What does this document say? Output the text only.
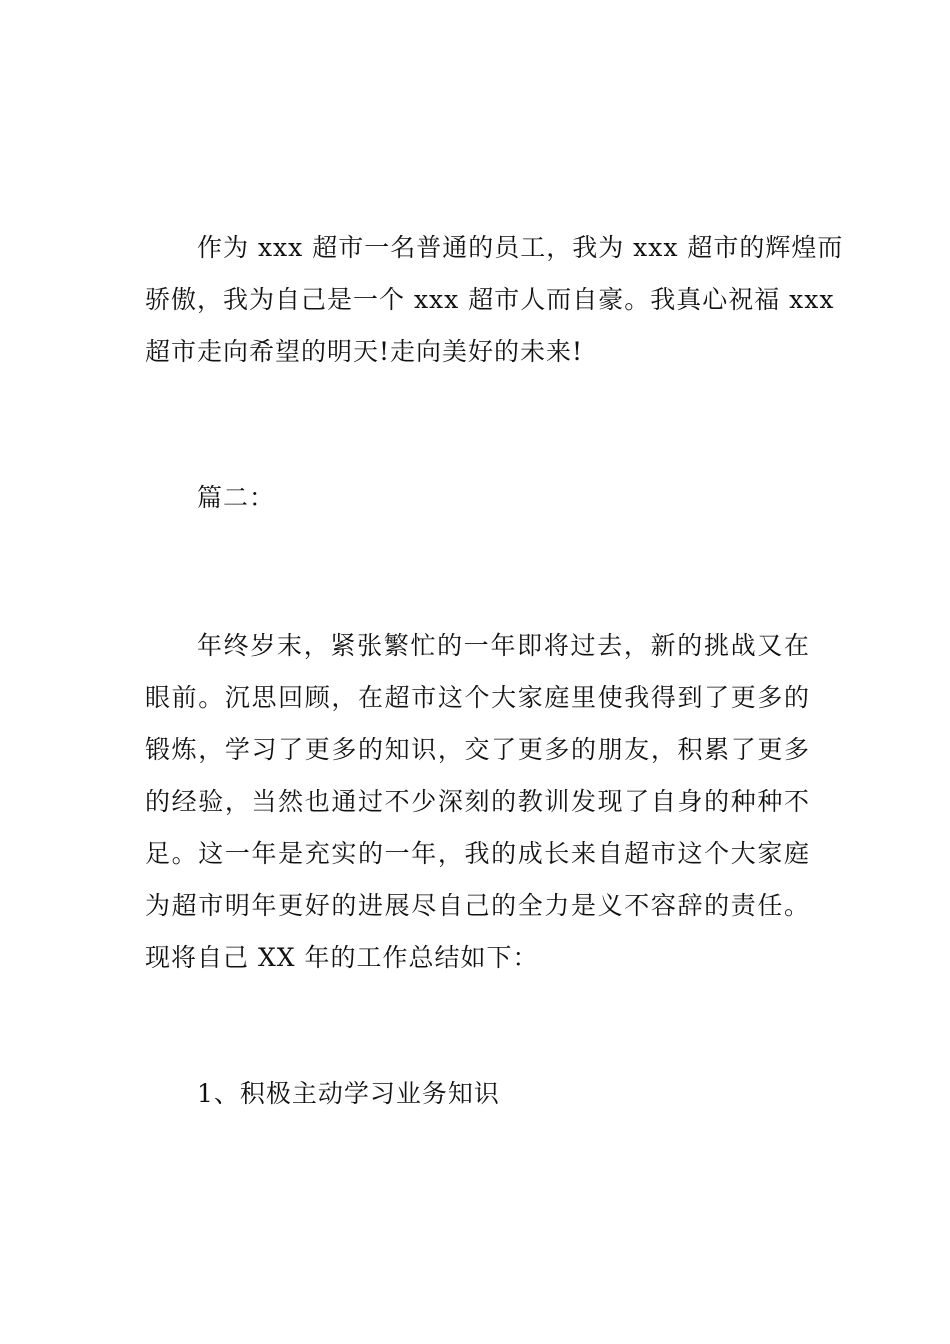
作为 xxx 超市一名普通的员工，我为 xxx 超市的辉煌而
骄傲，我为自己是一个 xxx 超市人而自豪。我真心祝福 xxx
超市走向希望的明天!走向美好的未来!
篇二：
年终岁末，紧张繁忙的一年即将过去，新的挑战又在
眼前。沉思回顾，在超市这个大家庭里使我得到了更多的
锻炼，学习了更多的知识，交了更多的朋友，积累了更多
的经验，当然也通过不少深刻的教训发现了自身的种种不
足。这一年是充实的一年，我的成长来自超市这个大家庭
为超市明年更好的进展尽自己的全力是义不容辞的责任。
现将自己 XX 年的工作总结如下：
1、积极主动学习业务知识
